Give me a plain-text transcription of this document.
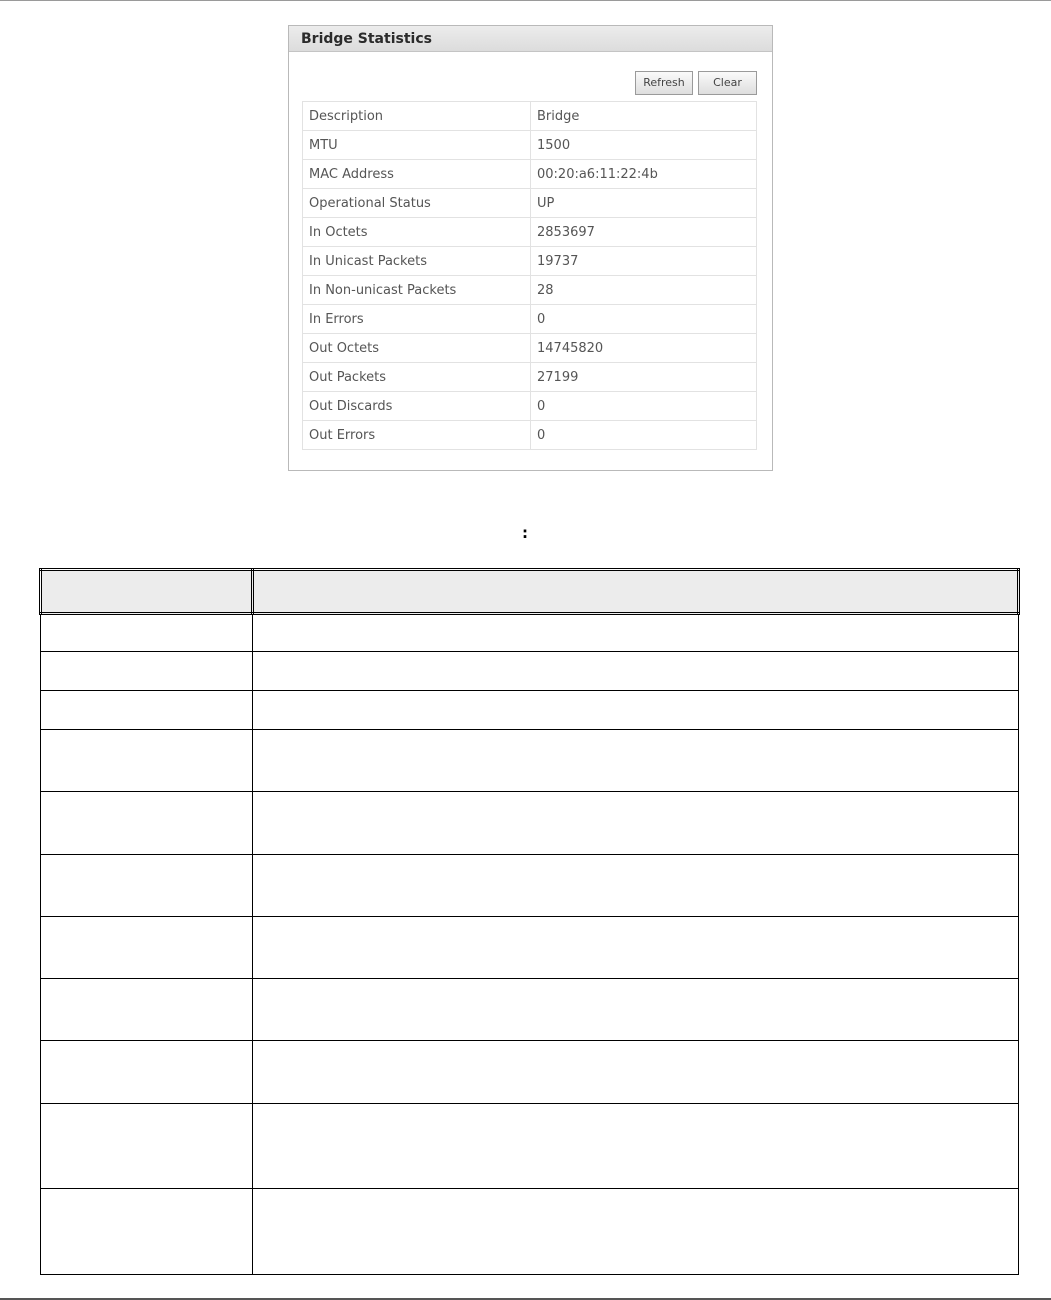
Bridge Statistics
Refresh	Clear
Description	Bridge
MTU	1500
MAC Address	00:20:a6:11:22:4b
Operational Status	UP
In Octets	2853697
In Unicast Packets	19737
In Non-unicast Packets	28
In Errors	0
Out Octets	14745820
Out Packets	27199
Out Discards	0
Out Errors	0
:
